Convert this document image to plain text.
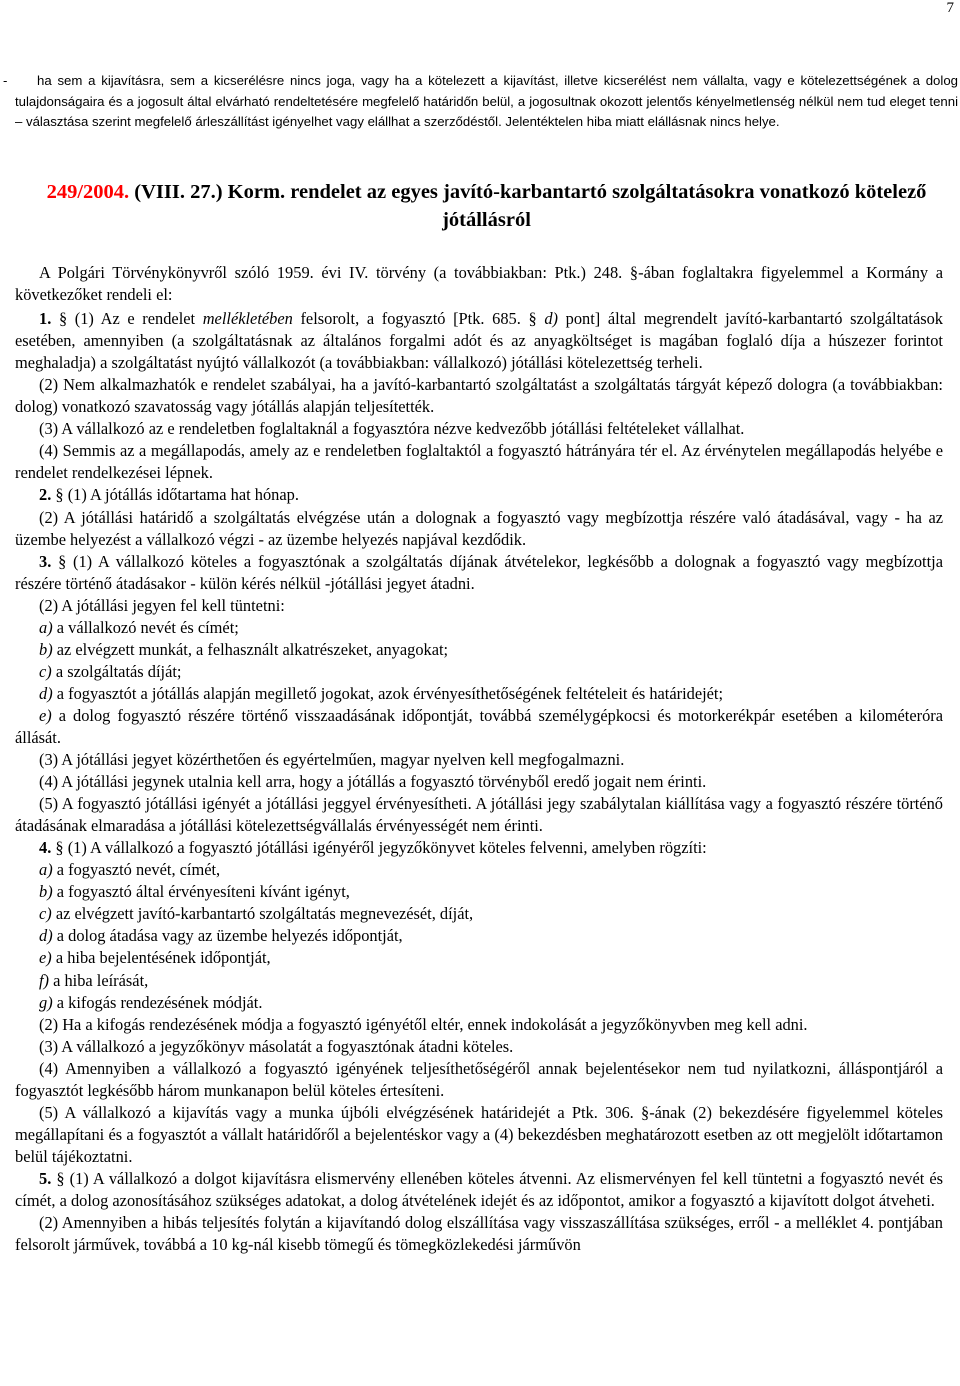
7
-	ha sem a kijavításra, sem a kicserélésre nincs joga, vagy ha a kötelezett a kijavítást, illetve kicserélést nem vállalta, vagy e kötelezettségének a dolog tulajdonságaira és a jogosult által elvárható rendeltetésére megfelelő határidőn belül, a jogosultnak okozott jelentős kényelmetlenség nélkül nem tud eleget tenni – választása szerint megfelelő árleszállítást igényelhet vagy elállhat a szerződéstől. Jelentéktelen hiba miatt elállásnak nincs helye.
249/2004. (VIII. 27.) Korm. rendelet az egyes javító-karbantartó szolgáltatásokra vonatkozó kötelező jótállásról

A Polgári Törvénykönyvről szóló 1959. évi IV. törvény (a továbbiakban: Ptk.) 248. §-ában foglaltakra figyelemmel a Kormány a következőket rendeli el:

1. § (1) Az e rendelet mellékletében felsorolt, a fogyasztó [Ptk. 685. § d) pont] által megrendelt javító-karbantartó szolgáltatások esetében, amennyiben (a szolgáltatásnak az általános forgalmi adót és az anyagköltséget is magában foglaló díja a húszezer forintot meghaladja) a szolgáltatást nyújtó vállalkozót (a továbbiakban: vállalkozó) jótállási kötelezettség terheli.

(2) Nem alkalmazhatók e rendelet szabályai, ha a javító-karbantartó szolgáltatást a szolgáltatás tárgyát képező dologra (a továbbiakban: dolog) vonatkozó szavatosság vagy jótállás alapján teljesítették.

(3) A vállalkozó az e rendeletben foglaltaknál a fogyasztóra nézve kedvezőbb jótállási feltételeket vállalhat.

(4) Semmis az a megállapodás, amely az e rendeletben foglaltaktól a fogyasztó hátrányára tér el. Az érvénytelen megállapodás helyébe e rendelet rendelkezései lépnek.

2. § (1) A jótállás időtartama hat hónap.

(2) A jótállási határidő a szolgáltatás elvégzése után a dolognak a fogyasztó vagy megbízottja részére való átadásával, vagy - ha az üzembe helyezést a vállalkozó végzi - az üzembe helyezés napjával kezdődik.

3. § (1) A vállalkozó köteles a fogyasztónak a szolgáltatás díjának átvételekor, legkésőbb a dolognak a fogyasztó vagy megbízottja részére történő átadásakor - külön kérés nélkül -jótállási jegyet átadni.

(2) A jótállási jegyen fel kell tüntetni:

a) a vállalkozó nevét és címét;

b) az elvégzett munkát, a felhasznált alkatrészeket, anyagokat;

c) a szolgáltatás díját;

d) a fogyasztót a jótállás alapján megillető jogokat, azok érvényesíthetőségének feltételeit és határidejét;

e) a dolog fogyasztó részére történő visszaadásának időpontját, továbbá személygépkocsi és motorkerékpár esetében a kilométeróra állását.

(3) A jótállási jegyet közérthetően és egyértelműen, magyar nyelven kell megfogalmazni.

(4) A jótállási jegynek utalnia kell arra, hogy a jótállás a fogyasztó törvényből eredő jogait nem érinti.

(5) A fogyasztó jótállási igényét a jótállási jeggyel érvényesítheti. A jótállási jegy szabálytalan kiállítása vagy a fogyasztó részére történő átadásának elmaradása a jótállási kötelezettségvállalás érvényességét nem érinti.

4. § (1) A vállalkozó a fogyasztó jótállási igényéről jegyzőkönyvet köteles felvenni, amelyben rögzíti:

a) a fogyasztó nevét, címét,

b) a fogyasztó által érvényesíteni kívánt igényt,

c) az elvégzett javító-karbantartó szolgáltatás megnevezését, díját,

d) a dolog átadása vagy az üzembe helyezés időpontját,

e) a hiba bejelentésének időpontját,

f) a hiba leírását,

g) a kifogás rendezésének módját.

(2) Ha a kifogás rendezésének módja a fogyasztó igényétől eltér, ennek indokolását a jegyzőkönyvben meg kell adni.

(3) A vállalkozó a jegyzőkönyv másolatát a fogyasztónak átadni köteles.

(4) Amennyiben a vállalkozó a fogyasztó igényének teljesíthetőségéről annak bejelentésekor nem tud nyilatkozni, álláspontjáról a fogyasztót legkésőbb három munkanapon belül köteles értesíteni.

(5) A vállalkozó a kijavítás vagy a munka újbóli elvégzésének határidejét a Ptk. 306. §-ának (2) bekezdésére figyelemmel köteles megállapítani és a fogyasztót a vállalt határidőről a bejelentéskor vagy a (4) bekezdésben meghatározott esetben az ott megjelölt időtartamon belül tájékoztatni.

5. § (1) A vállalkozó a dolgot kijavításra elismervény ellenében köteles átvenni. Az elismervényen fel kell tüntetni a fogyasztó nevét és címét, a dolog azonosításához szükséges adatokat, a dolog átvételének idejét és az időpontot, amikor a fogyasztó a kijavított dolgot átveheti.

(2) Amennyiben a hibás teljesítés folytán a kijavítandó dolog elszállítása vagy visszaszállítása szükséges, erről - a melléklet 4. pontjában felsorolt járművek, továbbá a 10 kg-nál kisebb tömegű és tömegközlekedési járművön
